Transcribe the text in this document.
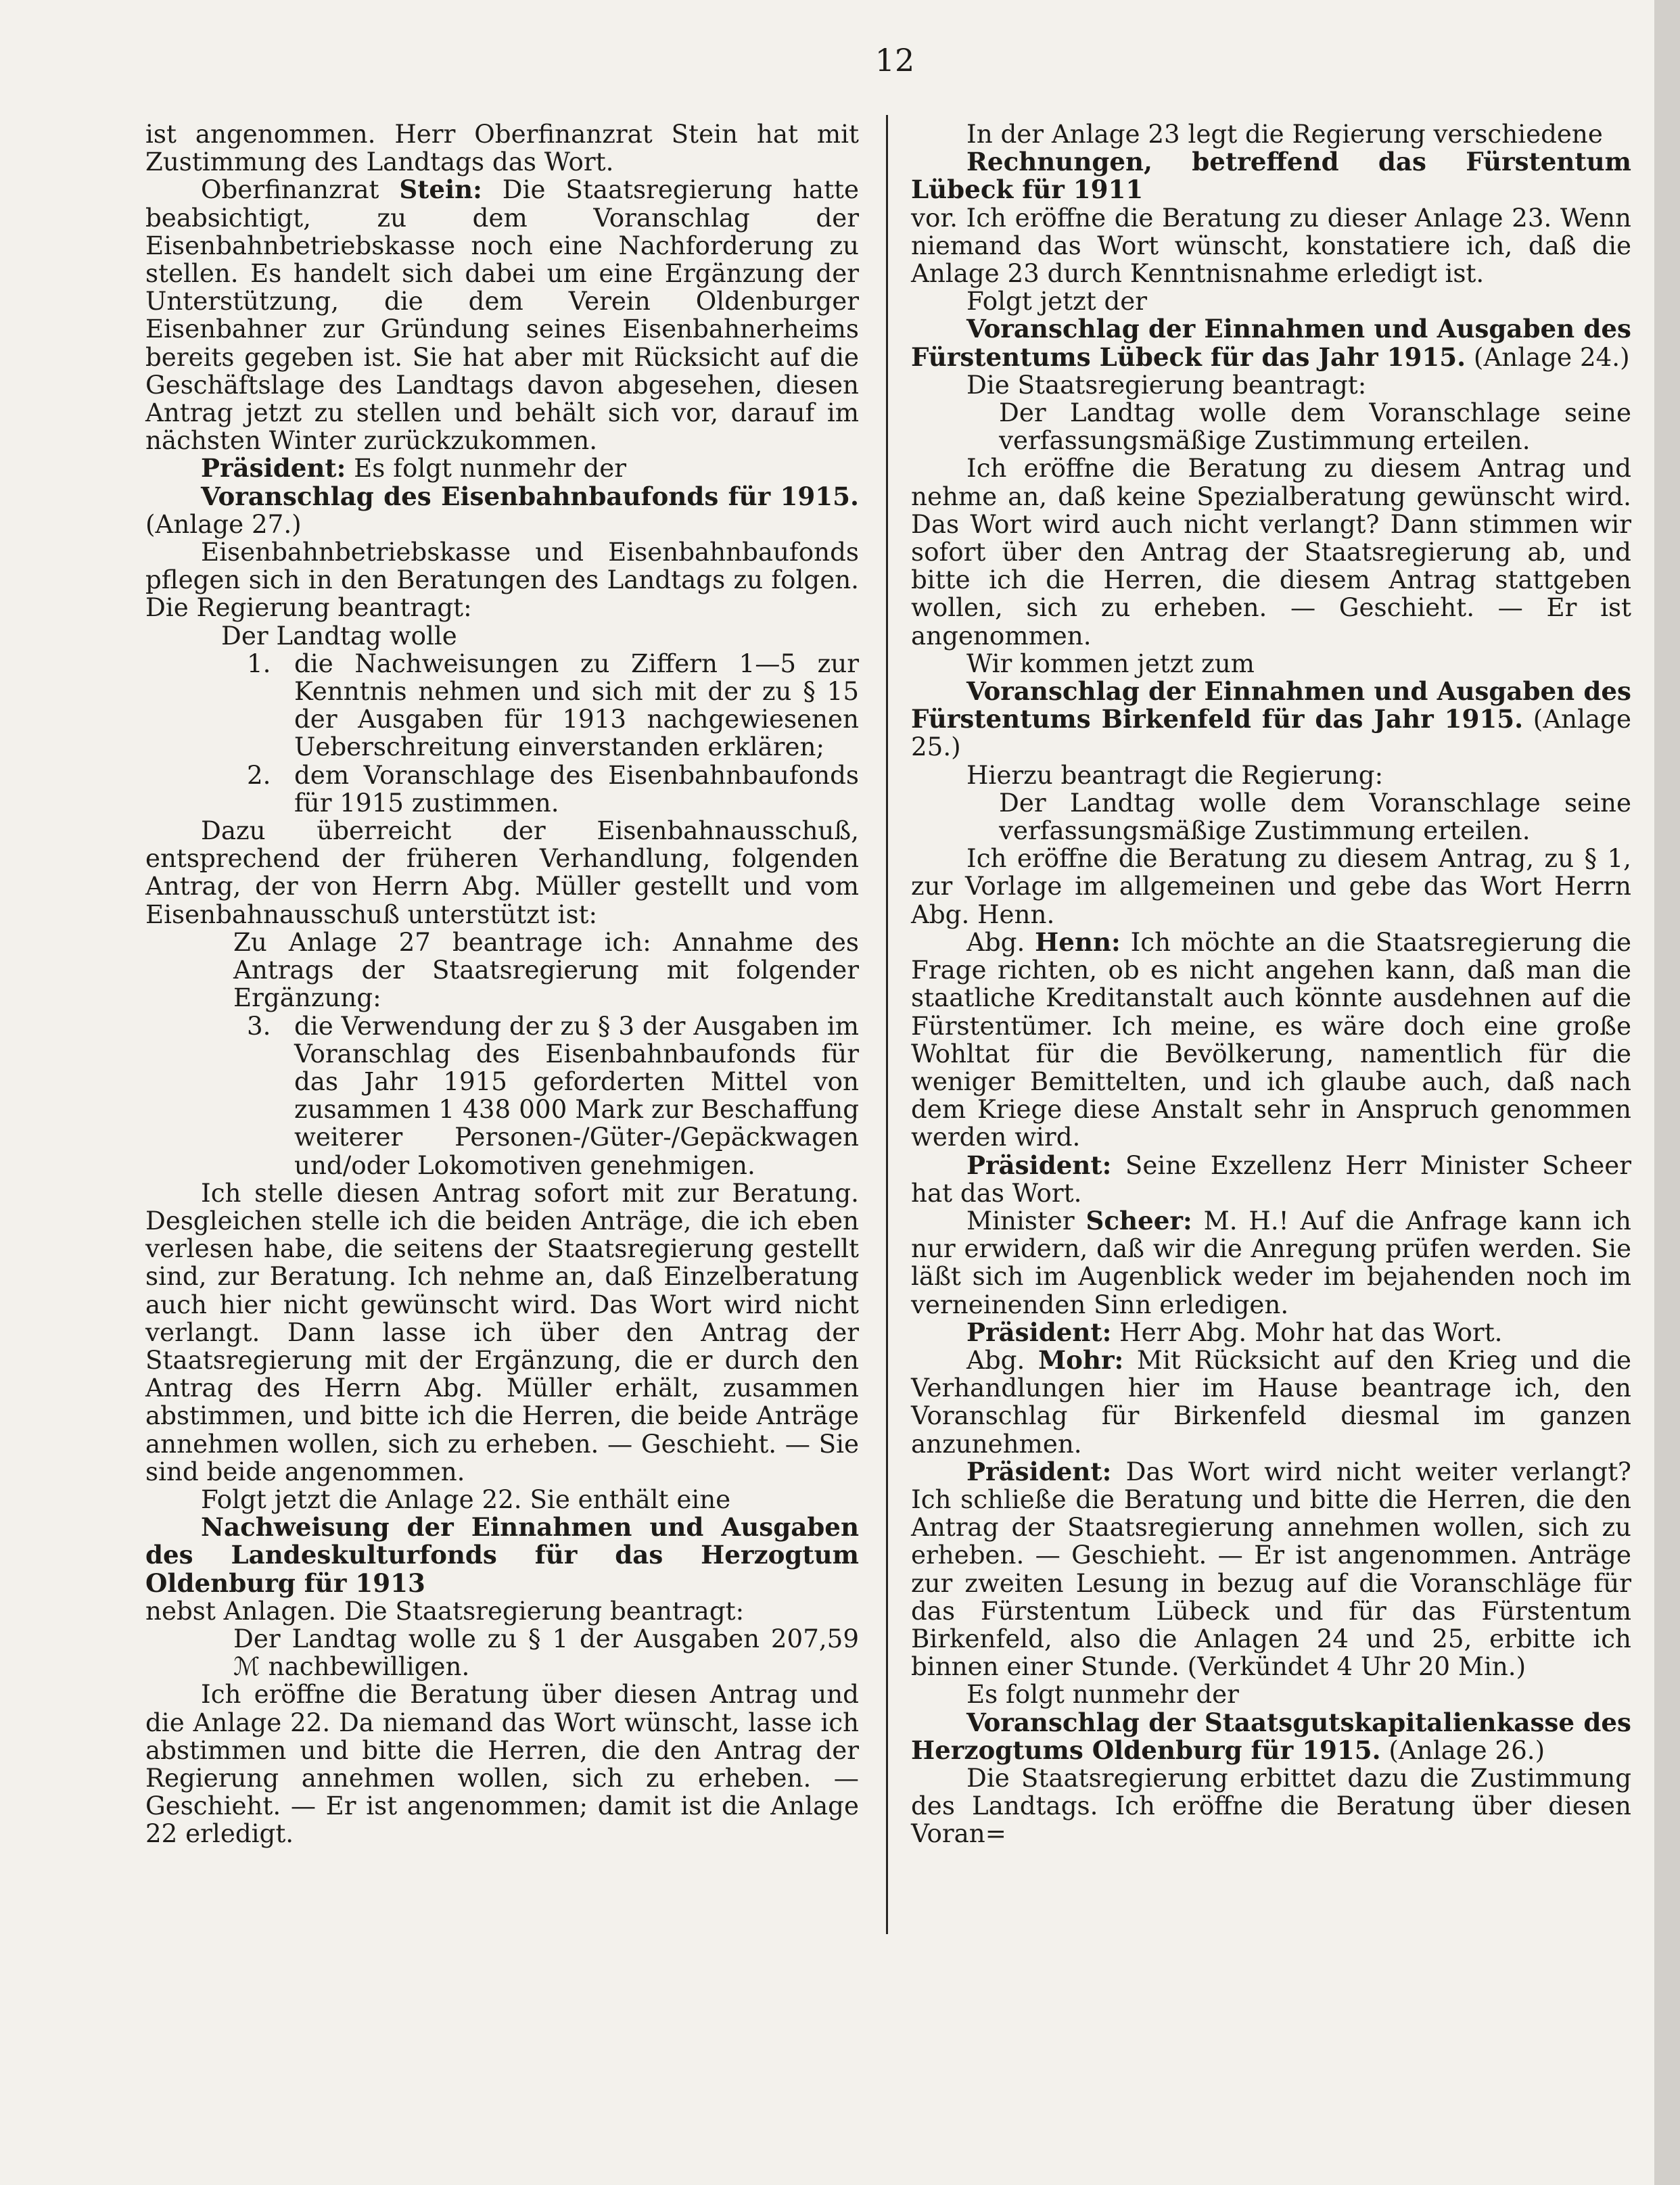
12

ist angenommen. Herr Oberfinanzrat Stein hat mit Zustimmung des Landtags das Wort.

Oberfinanzrat Stein: Die Staatsregierung hatte beabsichtigt, zu dem Voranschlag der Eisenbahnbetriebskasse noch eine Nachforderung zu stellen. Es handelt sich dabei um eine Ergänzung der Unterstützung, die dem Verein Oldenburger Eisenbahner zur Gründung seines Eisenbahnerheims bereits gegeben ist. Sie hat aber mit Rücksicht auf die Geschäftslage des Landtags davon abgesehen, diesen Antrag jetzt zu stellen und behält sich vor, darauf im nächsten Winter zurückzukommen.

Präsident: Es folgt nunmehr der

Voranschlag des Eisenbahnbaufonds für 1915. (Anlage 27.)

Eisenbahnbetriebskasse und Eisenbahnbaufonds pflegen sich in den Beratungen des Landtags zu folgen. Die Regierung beantragt:

Der Landtag wolle

1. die Nachweisungen zu Ziffern 1—5 zur Kenntnis nehmen und sich mit der zu § 15 der Ausgaben für 1913 nachgewiesenen Ueberschreitung einverstanden erklären;
2. dem Voranschlage des Eisenbahnbaufonds für 1915 zustimmen.

Dazu überreicht der Eisenbahnausschuß, entsprechend der früheren Verhandlung, folgenden Antrag, der von Herrn Abg. Müller gestellt und vom Eisenbahnausschuß unterstützt ist:

Zu Anlage 27 beantrage ich: Annahme des Antrags der Staatsregierung mit folgender Ergänzung:

3. die Verwendung der zu § 3 der Ausgaben im Voranschlag des Eisenbahnbaufonds für das Jahr 1915 geforderten Mittel von zusammen 1 438 000 Mark zur Beschaffung weiterer Personen-/Güter-/Gepäckwagen und/oder Lokomotiven genehmigen.

Ich stelle diesen Antrag sofort mit zur Beratung. Desgleichen stelle ich die beiden Anträge, die ich eben verlesen habe, die seitens der Staatsregierung gestellt sind, zur Beratung. Ich nehme an, daß Einzelberatung auch hier nicht gewünscht wird. Das Wort wird nicht verlangt. Dann lasse ich über den Antrag der Staatsregierung mit der Ergänzung, die er durch den Antrag des Herrn Abg. Müller erhält, zusammen abstimmen, und bitte ich die Herren, die beide Anträge annehmen wollen, sich zu erheben. — Geschieht. — Sie sind beide angenommen.

Folgt jetzt die Anlage 22. Sie enthält eine

Nachweisung der Einnahmen und Ausgaben des Landeskulturfonds für das Herzogtum Oldenburg für 1913

nebst Anlagen. Die Staatsregierung beantragt:

Der Landtag wolle zu § 1 der Ausgaben 207,59 ℳ nachbewilligen.

Ich eröffne die Beratung über diesen Antrag und die Anlage 22. Da niemand das Wort wünscht, lasse ich abstimmen und bitte die Herren, die den Antrag der Regierung annehmen wollen, sich zu erheben. — Geschieht. — Er ist angenommen; damit ist die Anlage 22 erledigt.

In der Anlage 23 legt die Regierung verschiedene

Rechnungen, betreffend das Fürstentum Lübeck für 1911

vor. Ich eröffne die Beratung zu dieser Anlage 23. Wenn niemand das Wort wünscht, konstatiere ich, daß die Anlage 23 durch Kenntnisnahme erledigt ist.

Folgt jetzt der

Voranschlag der Einnahmen und Ausgaben des Fürstentums Lübeck für das Jahr 1915. (Anlage 24.)

Die Staatsregierung beantragt:

Der Landtag wolle dem Voranschlage seine verfassungsmäßige Zustimmung erteilen.

Ich eröffne die Beratung zu diesem Antrag und nehme an, daß keine Spezialberatung gewünscht wird. Das Wort wird auch nicht verlangt? Dann stimmen wir sofort über den Antrag der Staatsregierung ab, und bitte ich die Herren, die diesem Antrag stattgeben wollen, sich zu erheben. — Geschieht. — Er ist angenommen.

Wir kommen jetzt zum

Voranschlag der Einnahmen und Ausgaben des Fürstentums Birkenfeld für das Jahr 1915. (Anlage 25.)

Hierzu beantragt die Regierung:

Der Landtag wolle dem Voranschlage seine verfassungsmäßige Zustimmung erteilen.

Ich eröffne die Beratung zu diesem Antrag, zu § 1, zur Vorlage im allgemeinen und gebe das Wort Herrn Abg. Henn.

Abg. Henn: Ich möchte an die Staatsregierung die Frage richten, ob es nicht angehen kann, daß man die staatliche Kreditanstalt auch könnte ausdehnen auf die Fürstentümer. Ich meine, es wäre doch eine große Wohltat für die Bevölkerung, namentlich für die weniger Bemittelten, und ich glaube auch, daß nach dem Kriege diese Anstalt sehr in Anspruch genommen werden wird.

Präsident: Seine Exzellenz Herr Minister Scheer hat das Wort.

Minister Scheer: M. H.! Auf die Anfrage kann ich nur erwidern, daß wir die Anregung prüfen werden. Sie läßt sich im Augenblick weder im bejahenden noch im verneinenden Sinn erledigen.

Präsident: Herr Abg. Mohr hat das Wort.

Abg. Mohr: Mit Rücksicht auf den Krieg und die Verhandlungen hier im Hause beantrage ich, den Voranschlag für Birkenfeld diesmal im ganzen anzunehmen.

Präsident: Das Wort wird nicht weiter verlangt? Ich schließe die Beratung und bitte die Herren, die den Antrag der Staatsregierung annehmen wollen, sich zu erheben. — Geschieht. — Er ist angenommen. Anträge zur zweiten Lesung in bezug auf die Voranschläge für das Fürstentum Lübeck und für das Fürstentum Birkenfeld, also die Anlagen 24 und 25, erbitte ich binnen einer Stunde. (Verkündet 4 Uhr 20 Min.)

Es folgt nunmehr der

Voranschlag der Staatsgutskapitalienkasse des Herzogtums Oldenburg für 1915. (Anlage 26.)

Die Staatsregierung erbittet dazu die Zustimmung des Landtags. Ich eröffne die Beratung über diesen Voran=
